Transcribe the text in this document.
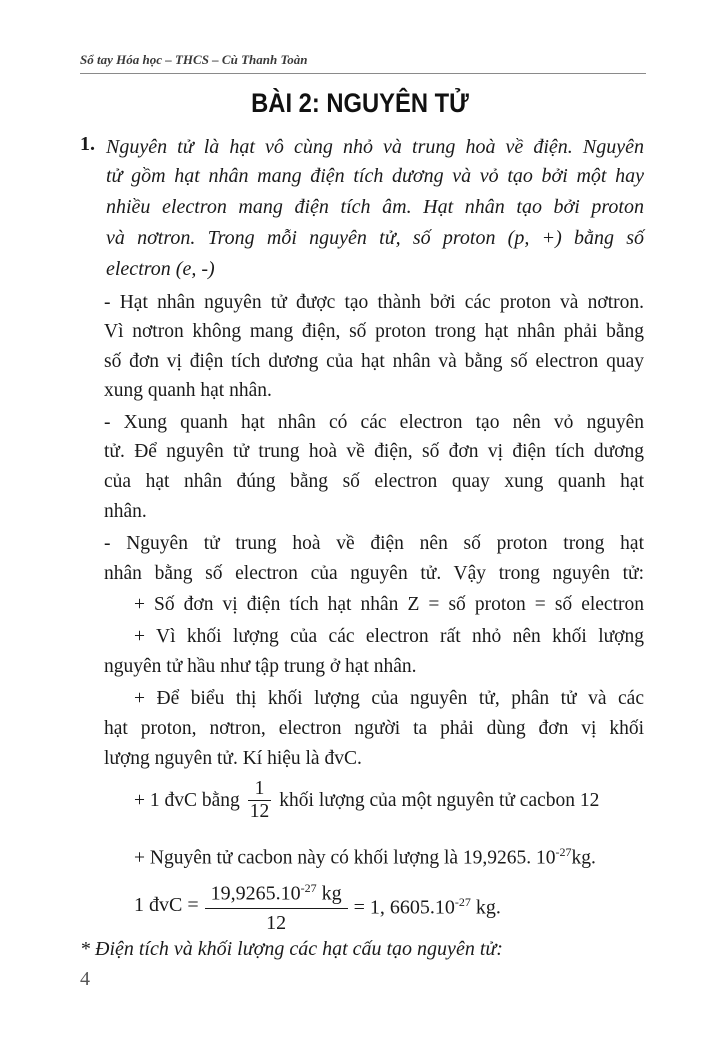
Sổ tay Hóa học – THCS – Cù Thanh Toàn
BÀI 2: NGUYÊN TỬ
1. Nguyên tử là hạt vô cùng nhỏ và trung hoà về điện. Nguyên
tử gồm hạt nhân mang điện tích dương và vỏ tạo bởi một hay
nhiều electron mang điện tích âm. Hạt nhân tạo bởi proton
và nơtron. Trong mỗi nguyên tử, số proton (p, +) bằng số
electron (e, -)
- Hạt nhân nguyên tử được tạo thành bởi các proton và nơtron.
Vì nơtron không mang điện, số proton trong hạt nhân phải bằng
số đơn vị điện tích dương của hạt nhân và bằng số electron quay
xung quanh hạt nhân.
- Xung quanh hạt nhân có các electron tạo nên vỏ nguyên
tử. Để nguyên tử trung hoà về điện, số đơn vị điện tích dương
của hạt nhân đúng bằng số electron quay xung quanh hạt
nhân.
- Nguyên tử trung hoà về điện nên số proton trong hạt
nhân bằng số electron của nguyên tử. Vậy trong nguyên tử:
+ Số đơn vị điện tích hạt nhân Z = số proton = số electron
+ Vì khối lượng của các electron rất nhỏ nên khối lượng
nguyên tử hầu như tập trung ở hạt nhân.
+ Để biểu thị khối lượng của nguyên tử, phân tử và các
hạt proton, nơtron, electron người ta phải dùng đơn vị khối
lượng nguyên tử. Kí hiệu là đvC.
+ 1 đvC bằng $\frac{1}{12}$ khối lượng của một nguyên tử cacbon 12
+ Nguyên tử cacbon này có khối lượng là 19,9265. $10^{-27}kg$.
1 đvC = $\frac{19,9265.10^{-27} kg}{12} = 1$, $6605.10^{-27}$ kg.
* Điện tích và khối lượng các hạt cấu tạo nguyên tử:
4
